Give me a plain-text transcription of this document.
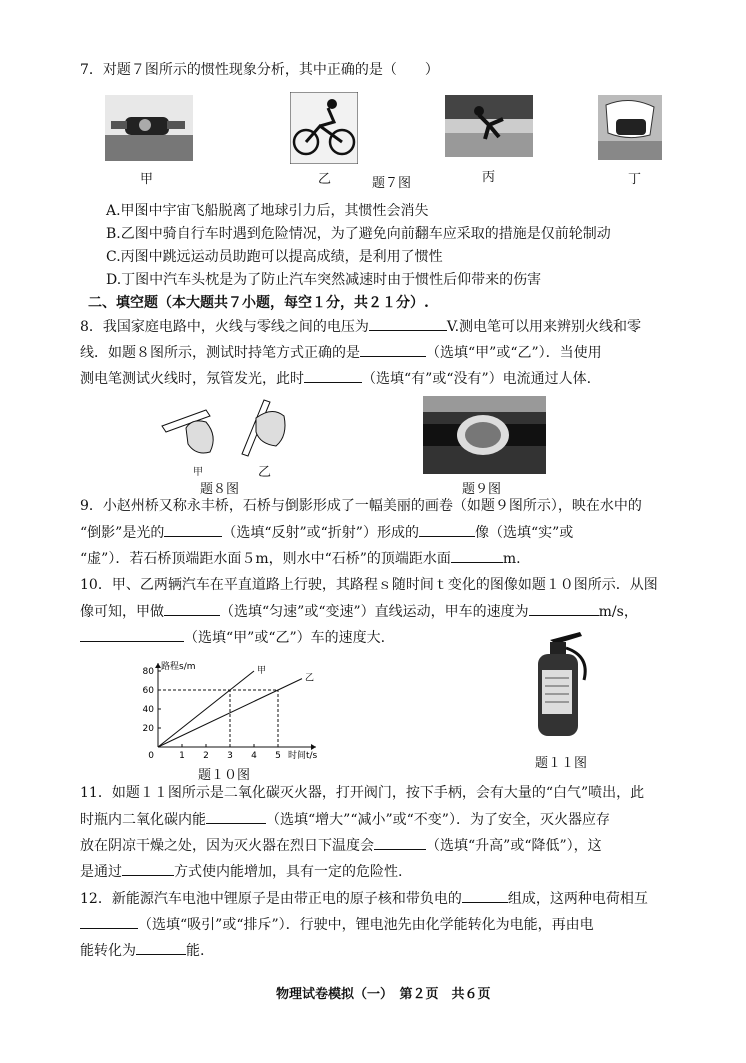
7．对题７图所示的惯性现象分析，其中正确的是（　　）
甲	乙	题７图	丙	丁
A.甲图中宇宙飞船脱离了地球引力后，其惯性会消失
B.乙图中骑自行车时遇到危险情况，为了避免向前翻车应采取的措施是仅前轮制动
C.丙图中跳远运动员助跑可以提高成绩，是利用了惯性
D.丁图中汽车头枕是为了防止汽车突然减速时由于惯性后仰带来的伤害
二、填空题（本大题共７小题，每空１分，共２１分）.
8．我国家庭电路中，火线与零线之间的电压为	V.测电笔可以用来辨别火线和零
线．如题８图所示，测试时持笔方式正确的是	（选填“甲”或“乙”）．当使用
测电笔测试火线时，氖管发光，此时	（选填“有”或“没有”）电流通过人体.
甲	乙
题８图	题９图
9．小赵州桥又称永丰桥，石桥与倒影形成了一幅美丽的画卷（如题９图所示），映在水中的
“倒影”是光的	（选填“反射”或“折射”）形成的	像（选填“实”或
“虚”）．若石桥顶端距水面５m，则水中“石桥”的顶端距水面	m.
10．甲、乙两辆汽车在平直道路上行驶，其路程ｓ随时间ｔ变化的图像如题１０图所示．从图
像可知，甲做	（选填“匀速”或“变速”）直线运动，甲车的速度为	m/s，
（选填“甲”或“乙”）车的速度大.
1 2 3 4 5
20
40
60
80
0
甲
乙
路程s/m
时间t/s
题１０图
题１１图
11．如题１１图所示是二氧化碳灭火器，打开阀门，按下手柄，会有大量的“白气”喷出，此
时瓶内二氧化碳内能	（选填“增大”“减小”或“不变”）．为了安全，灭火器应存
放在阴凉干燥之处，因为灭火器在烈日下温度会	（选填“升高”或“降低”），这
是通过	方式使内能增加，具有一定的危险性.
12．新能源汽车电池中锂原子是由带正电的原子核和带负电的	组成，这两种电荷相互
（选填“吸引”或“排斥”）．行驶中，锂电池先由化学能转化为电能，再由电
能转化为	能.
物理试卷模拟（一）　第２页　共６页
